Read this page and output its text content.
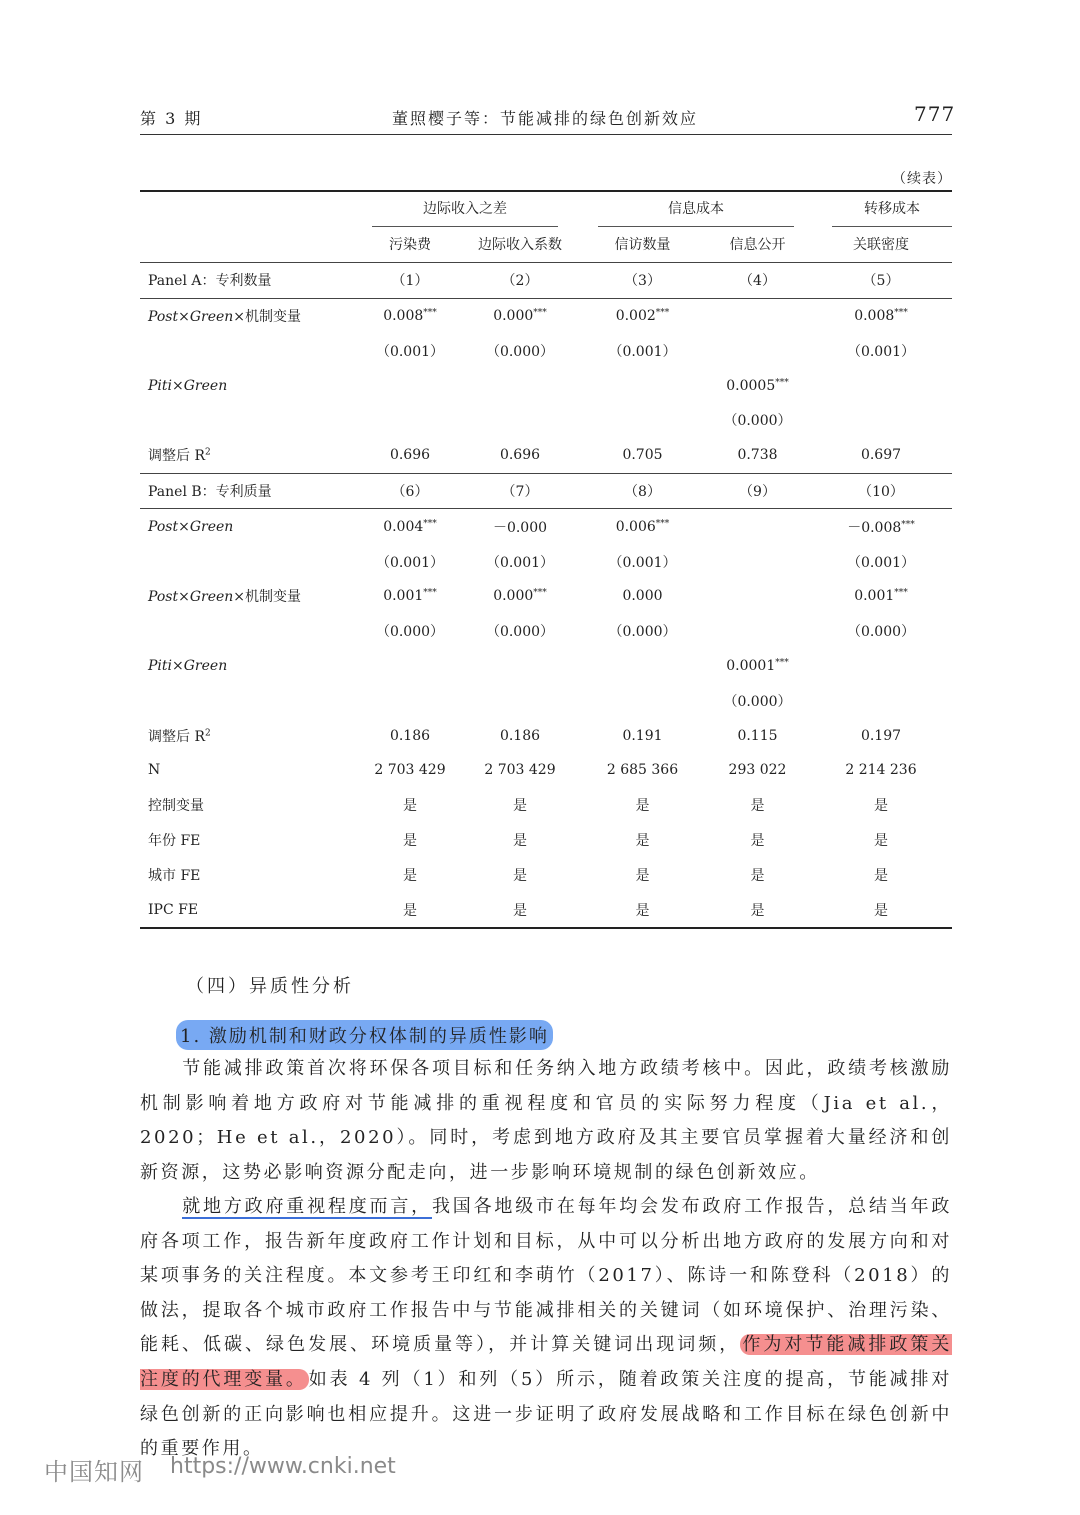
第 3 期	董照樱子等：节能减排的绿色创新效应	777
（续表）

	边际收入之差		信息成本		转移成本

	污染费	边际收入系数	信访数量	信息公开	关联密度
Panel A：专利数量	（1）	（2）	（3）	（4）	（5）
Post×Green×机制变量	0.008***	0.000***	0.002***		0.008***
	（0.001）	（0.000）	（0.001）		（0.001）
Piti×Green				0.0005***	
				（0.000）	
调整后 $R^2$	0.696	0.696	0.705	0.738	0.697
Panel B：专利质量	（6）	（7）	（8）	（9）	（10）
Post×Green	0.004***	－0.000	0.006***		－0.008***
	（0.001）	（0.001）	（0.001）		（0.001）
Post×Green×机制变量	0.001***	0.000***	0.000		0.001***
	（0.000）	（0.000）	（0.000）		（0.000）
Piti×Green				0.0001***	
				（0.000）	
调整后 $R^2$	0.186	0.186	0.191	0.115	0.197
N	2 703 429	2 703 429	2 685 366	293 022	2 214 236
控制变量	是	是	是	是	是
年份 FE	是	是	是	是	是
城市 FE	是	是	是	是	是
IPC FE	是	是	是	是	是
（四）异质性分析
1. 激励机制和财政分权体制的异质性影响
节能减排政策首次将环保各项目标和任务纳入地方政绩考核中。因此，政绩考核激励机制影响着地方政府对节能减排的重视程度和官员的实际努力程度（Jia et al.，2020；He et al.，2020）。同时，考虑到地方政府及其主要官员掌握着大量经济和创新资源，这势必影响资源分配走向，进一步影响环境规制的绿色创新效应。
就地方政府重视程度而言，我国各地级市在每年均会发布政府工作报告，总结当年政府各项工作，报告新年度政府工作计划和目标，从中可以分析出地方政府的发展方向和对某项事务的关注程度。本文参考王印红和李萌竹（2017）、陈诗一和陈登科（2018）的做法，提取各个城市政府工作报告中与节能减排相关的关键词（如环境保护、治理污染、能耗、低碳、绿色发展、环境质量等），并计算关键词出现词频， 作为对节能减排政策关注度的代理变量。 如表 4 列（1）和列（5）所示，随着政策关注度的提高，节能减排对绿色创新的正向影响也相应提升。这进一步证明了政府发展战略和工作目标在绿色创新中的重要作用。
中国知网 https://www.cnki.net
